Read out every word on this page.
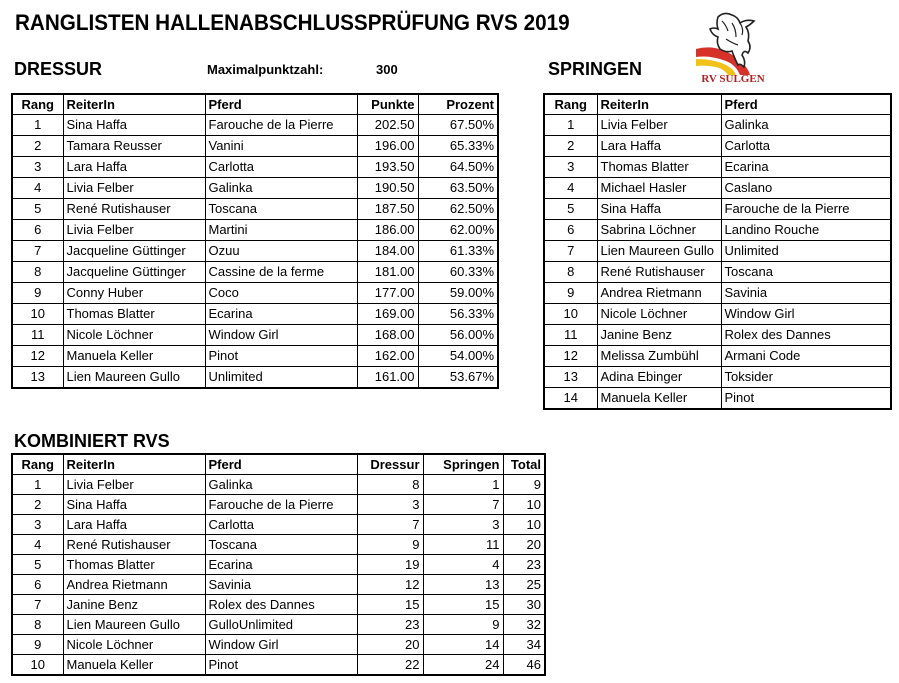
RANGLISTEN HALLENABSCHLUSSPRÜFUNG RVS 2019
RV SULGEN
DRESSUR	Maximalpunktzahl:	300
Rang	ReiterIn	Pferd	Punkte	Prozent
1	Sina Haffa	Farouche de la Pierre	202.50	67.50%
2	Tamara Reusser	Vanini	196.00	65.33%
3	Lara Haffa	Carlotta	193.50	64.50%
4	Livia Felber	Galinka	190.50	63.50%
5	René Rutishauser	Toscana	187.50	62.50%
6	Livia Felber	Martini	186.00	62.00%
7	Jacqueline Güttinger	Ozuu	184.00	61.33%
8	Jacqueline Güttinger	Cassine de la ferme	181.00	60.33%
9	Conny Huber	Coco	177.00	59.00%
10	Thomas Blatter	Ecarina	169.00	56.33%
11	Nicole Löchner	Window Girl	168.00	56.00%
12	Manuela Keller	Pinot	162.00	54.00%
13	Lien Maureen Gullo	Unlimited	161.00	53.67%
SPRINGEN
Rang	ReiterIn	Pferd
1	Livia Felber	Galinka
2	Lara Haffa	Carlotta
3	Thomas Blatter	Ecarina
4	Michael Hasler	Caslano
5	Sina Haffa	Farouche de la Pierre
6	Sabrina Löchner	Landino Rouche
7	Lien Maureen Gullo	Unlimited
8	René Rutishauser	Toscana
9	Andrea Rietmann	Savinia
10	Nicole Löchner	Window Girl
11	Janine Benz	Rolex des Dannes
12	Melissa Zumbühl	Armani Code
13	Adina Ebinger	Toksider
14	Manuela Keller	Pinot
KOMBINIERT RVS
Rang	ReiterIn	Pferd	Dressur	Springen	Total
1	Livia Felber	Galinka	8	1	9
2	Sina Haffa	Farouche de la Pierre	3	7	10
3	Lara Haffa	Carlotta	7	3	10
4	René Rutishauser	Toscana	9	11	20
5	Thomas Blatter	Ecarina	19	4	23
6	Andrea Rietmann	Savinia	12	13	25
7	Janine Benz	Rolex des Dannes	15	15	30
8	Lien Maureen Gullo	GulloUnlimited	23	9	32
9	Nicole Löchner	Window Girl	20	14	34
10	Manuela Keller	Pinot	22	24	46
